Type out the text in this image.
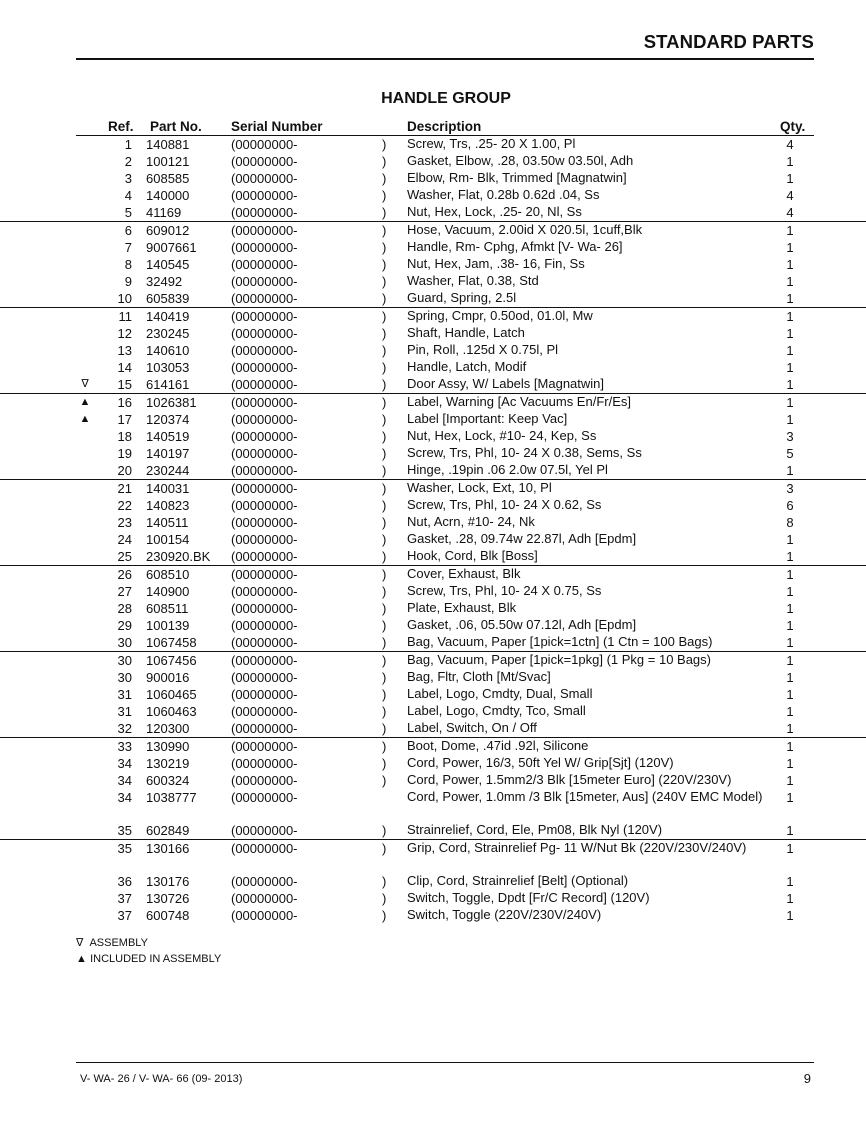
STANDARD PARTS
HANDLE GROUP
Ref. Part No. Serial Number	Description	Qty.
1 140881	(00000000-	) Screw, Trs, .25- 20 X 1.00, Pl	4
2 100121	(00000000-	) Gasket, Elbow, .28, 03.50w 03.50l, Adh	1
3 608585	(00000000-	) Elbow, Rm- Blk, Trimmed [Magnatwin]	1
4 140000	(00000000-	) Washer, Flat, 0.28b 0.62d .04, Ss	4
5 41169	(00000000-	) Nut, Hex, Lock, .25- 20, Nl, Ss	4
6 609012	(00000000-	) Hose, Vacuum, 2.00id X 020.5l, 1cuff,Blk	1
7 9007661	(00000000-	) Handle, Rm- Cphg, Afmkt [V- Wa- 26]	1
8 140545	(00000000-	) Nut, Hex, Jam, .38- 16, Fin, Ss	1
9 32492	(00000000-	) Washer, Flat, 0.38, Std	1
10 605839	(00000000-	) Guard, Spring, 2.5l	1
11 140419	(00000000-	) Spring, Cmpr, 0.50od, 01.0l, Mw	1
12 230245	(00000000-	) Shaft, Handle, Latch	1
13 140610	(00000000-	) Pin, Roll, .125d X 0.75l, Pl	1
14 103053	(00000000-	) Handle, Latch, Modif	1
∇	15 614161	(00000000-	) Door Assy, W/ Labels [Magnatwin]	1
▲	16 1026381	(00000000-	) Label, Warning [Ac Vacuums En/Fr/Es]	1
▲	17 120374	(00000000-	) Label [Important: Keep Vac]	1
18 140519	(00000000-	) Nut, Hex, Lock, #10- 24, Kep, Ss	3
19 140197	(00000000-	) Screw, Trs, Phl, 10- 24 X 0.38, Sems, Ss	5
20 230244	(00000000-	) Hinge, .19pin .06 2.0w 07.5l, Yel Pl	1
21 140031	(00000000-	) Washer, Lock, Ext, 10, Pl	3
22 140823	(00000000-	) Screw, Trs, Phl, 10- 24 X 0.62, Ss	6
23 140511	(00000000-	) Nut, Acrn, #10- 24, Nk	8
24 100154	(00000000-	) Gasket, .28, 09.74w 22.87l, Adh [Epdm]	1
25 230920.BK (00000000-	) Hook, Cord, Blk [Boss]	1
26 608510	(00000000-	) Cover, Exhaust, Blk	1
27 140900	(00000000-	) Screw, Trs, Phl, 10- 24 X 0.75, Ss	1
28 608511	(00000000-	) Plate, Exhaust, Blk	1
29 100139	(00000000-	) Gasket, .06, 05.50w 07.12l, Adh [Epdm]	1
30 1067458	(00000000-	) Bag, Vacuum, Paper [1pick=1ctn] (1 Ctn = 100 Bags)	1
30 1067456	(00000000-	) Bag, Vacuum, Paper [1pick=1pkg] (1 Pkg = 10 Bags)	1
30 900016	(00000000-	) Bag, Fltr, Cloth [Mt/Svac]	1
31 1060465	(00000000-	) Label, Logo, Cmdty, Dual, Small	1
31 1060463	(00000000-	) Label, Logo, Cmdty, Tco, Small	1
32 120300	(00000000-	) Label, Switch, On / Off	1
33 130990	(00000000-	) Boot, Dome, .47id .92l, Silicone	1
34 130219	(00000000-	) Cord, Power, 16/3, 50ft Yel W/ Grip[Sjt] (120V)	1
34 600324	(00000000-	) Cord, Power, 1.5mm2/3 Blk [15meter Euro] (220V/230V)	1
34 1038777	(00000000-	Cord, Power, 1.0mm /3 Blk [15meter, Aus] (240V EMC Model)	1
35 602849	(00000000-	) Strainrelief, Cord, Ele, Pm08, Blk Nyl (120V)	1
35 130166	(00000000-	) Grip, Cord, Strainrelief Pg- 11 W/Nut Bk (220V/230V/240V)	1
36 130176	(00000000-	) Clip, Cord, Strainrelief [Belt] (Optional)	1
37 130726	(00000000-	) Switch, Toggle, Dpdt [Fr/C Record] (120V)	1
37 600748	(00000000-	) Switch, Toggle (220V/230V/240V)	1
∇ ASSEMBLY
▲ INCLUDED IN ASSEMBLY
V- WA- 26 / V- WA- 66 (09- 2013)	9
